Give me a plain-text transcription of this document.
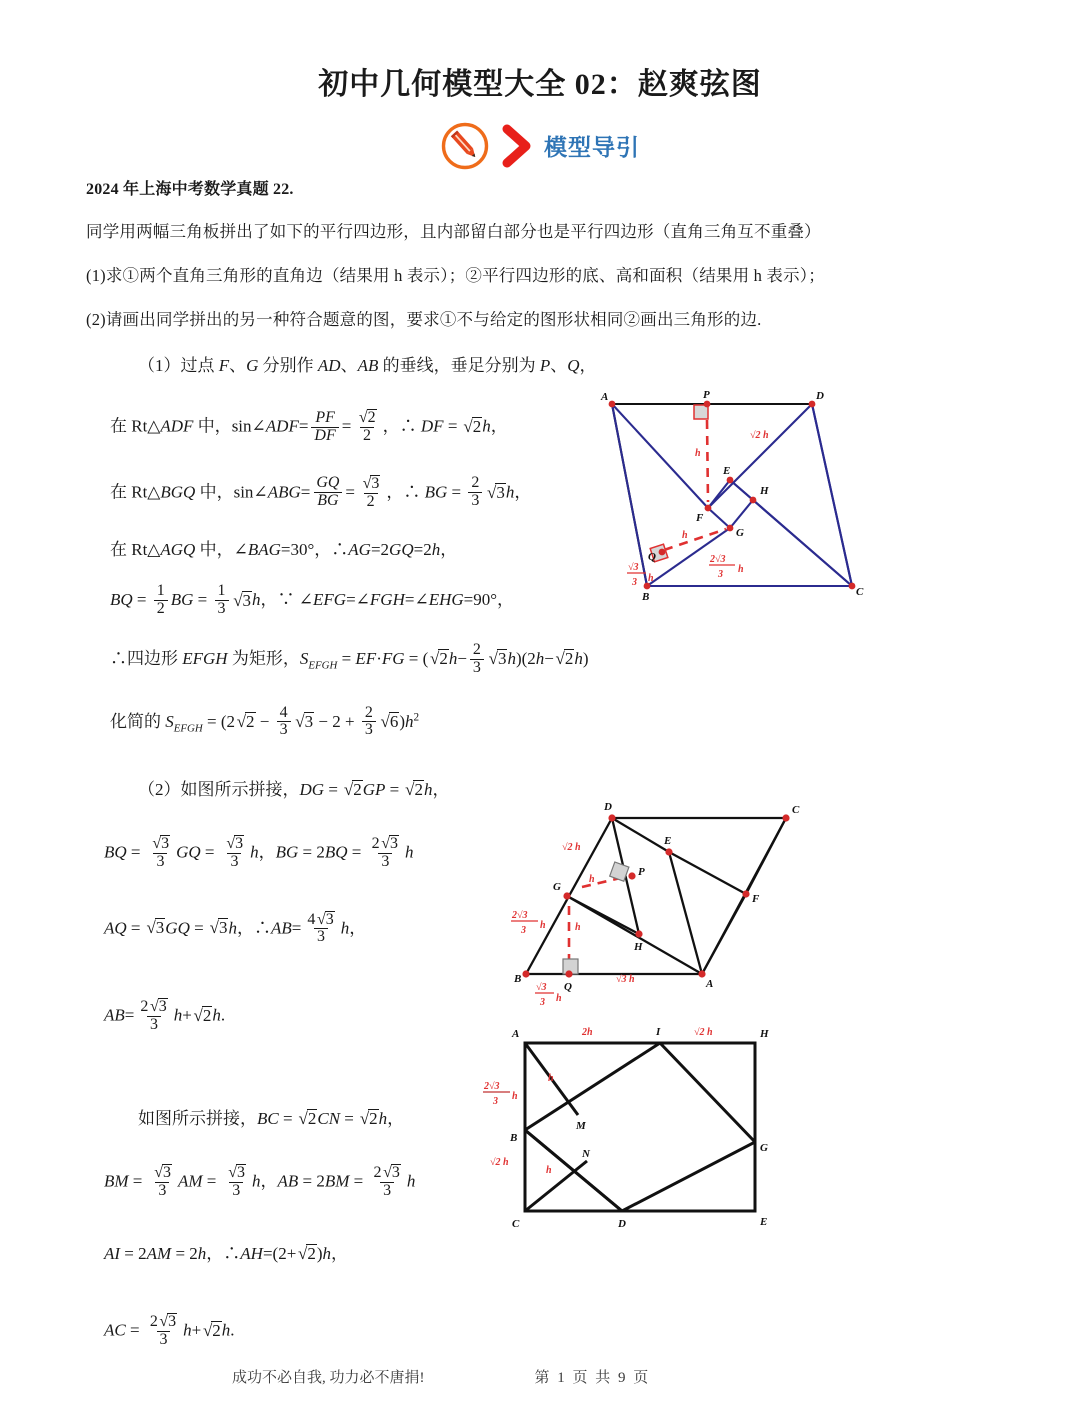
初中几何模型大全 02：赵爽弦图
模型导引
2024 年上海中考数学真题 22.
同学用两幅三角板拼出了如下的平行四边形，且内部留白部分也是平行四边形（直角三角互不重叠）
(1)求①两个直角三角形的直角边（结果用 h 表示）；②平行四边形的底、高和面积（结果用 h 表示）；
(2)请画出同学拼出的另一种符合题意的图，要求①不与给定的图形状相同②画出三角形的边.
（1）过点 F、G 分别作 AD、AB 的垂线，垂足分别为 P、Q，
在 Rt△ADF 中，sin∠ADF= $\frac{PF}{DF} = \frac{√2}{2}$ ，∴ DF = √2h，
在 Rt△BGQ 中，sin∠ABG= $\frac{GQ}{BG} = \frac{√3}{2}$ ，∴ BG = $\frac{2}{3} √3h$，
在 Rt△AGQ 中，∠BAG=30°，∴AG=2GQ=2h，
BQ = $\frac{1}{2}$ BG = $\frac{1}{3} √3h$，∵ ∠EFG=∠FGH=∠EHG=90°，
A	P	D
E
H
F
G
Q
B	C
h
h
√2 h
√3
3 h
2√3
3 h
∴四边形 EFGH 为矩形，$S_{EFGH} = EF\cdot FG = (√2h- \frac{2}{3} √3h)(2h-√2h)$
化简的 $S_{EFGH} = (2√2 - \frac{4}{3} √3 - 2 + \frac{2}{3} √6)h^2$
（2）如图所示拼接，DG = √2GP = √2h，
BQ = $\frac{√3}{3}$ GQ = $\frac{√3}{3}$ h，BG = $2BQ = \frac{2√3}{3}$ h
AQ = √3GQ = √3h，∴AB= $\frac{4√3}{3}$ h，
$AB= \frac{2√3}{3} h+√2h$.
D	C
E
P
F
G
H
B
Q	A
√2 h
h
h
√3 h
2√3
3 h
√3
3 h
如图所示拼接，BC = √2CN = √2h，
BM = $\frac{√3}{3}$ AM = $\frac{√3}{3}$ h，AB = $2BM = \frac{2√3}{3}$ h
AI = 2AM = 2h，∴AH=(2+√2)h，
AC = $\frac{2√3}{3} h+√2h$.
A	I	H
M
B
G
N
C	D	E
2h	√2 h
h
h
√2 h
2√3
3 h
成功不必自我, 功力必不唐捐!	第 1 页 共 9 页
